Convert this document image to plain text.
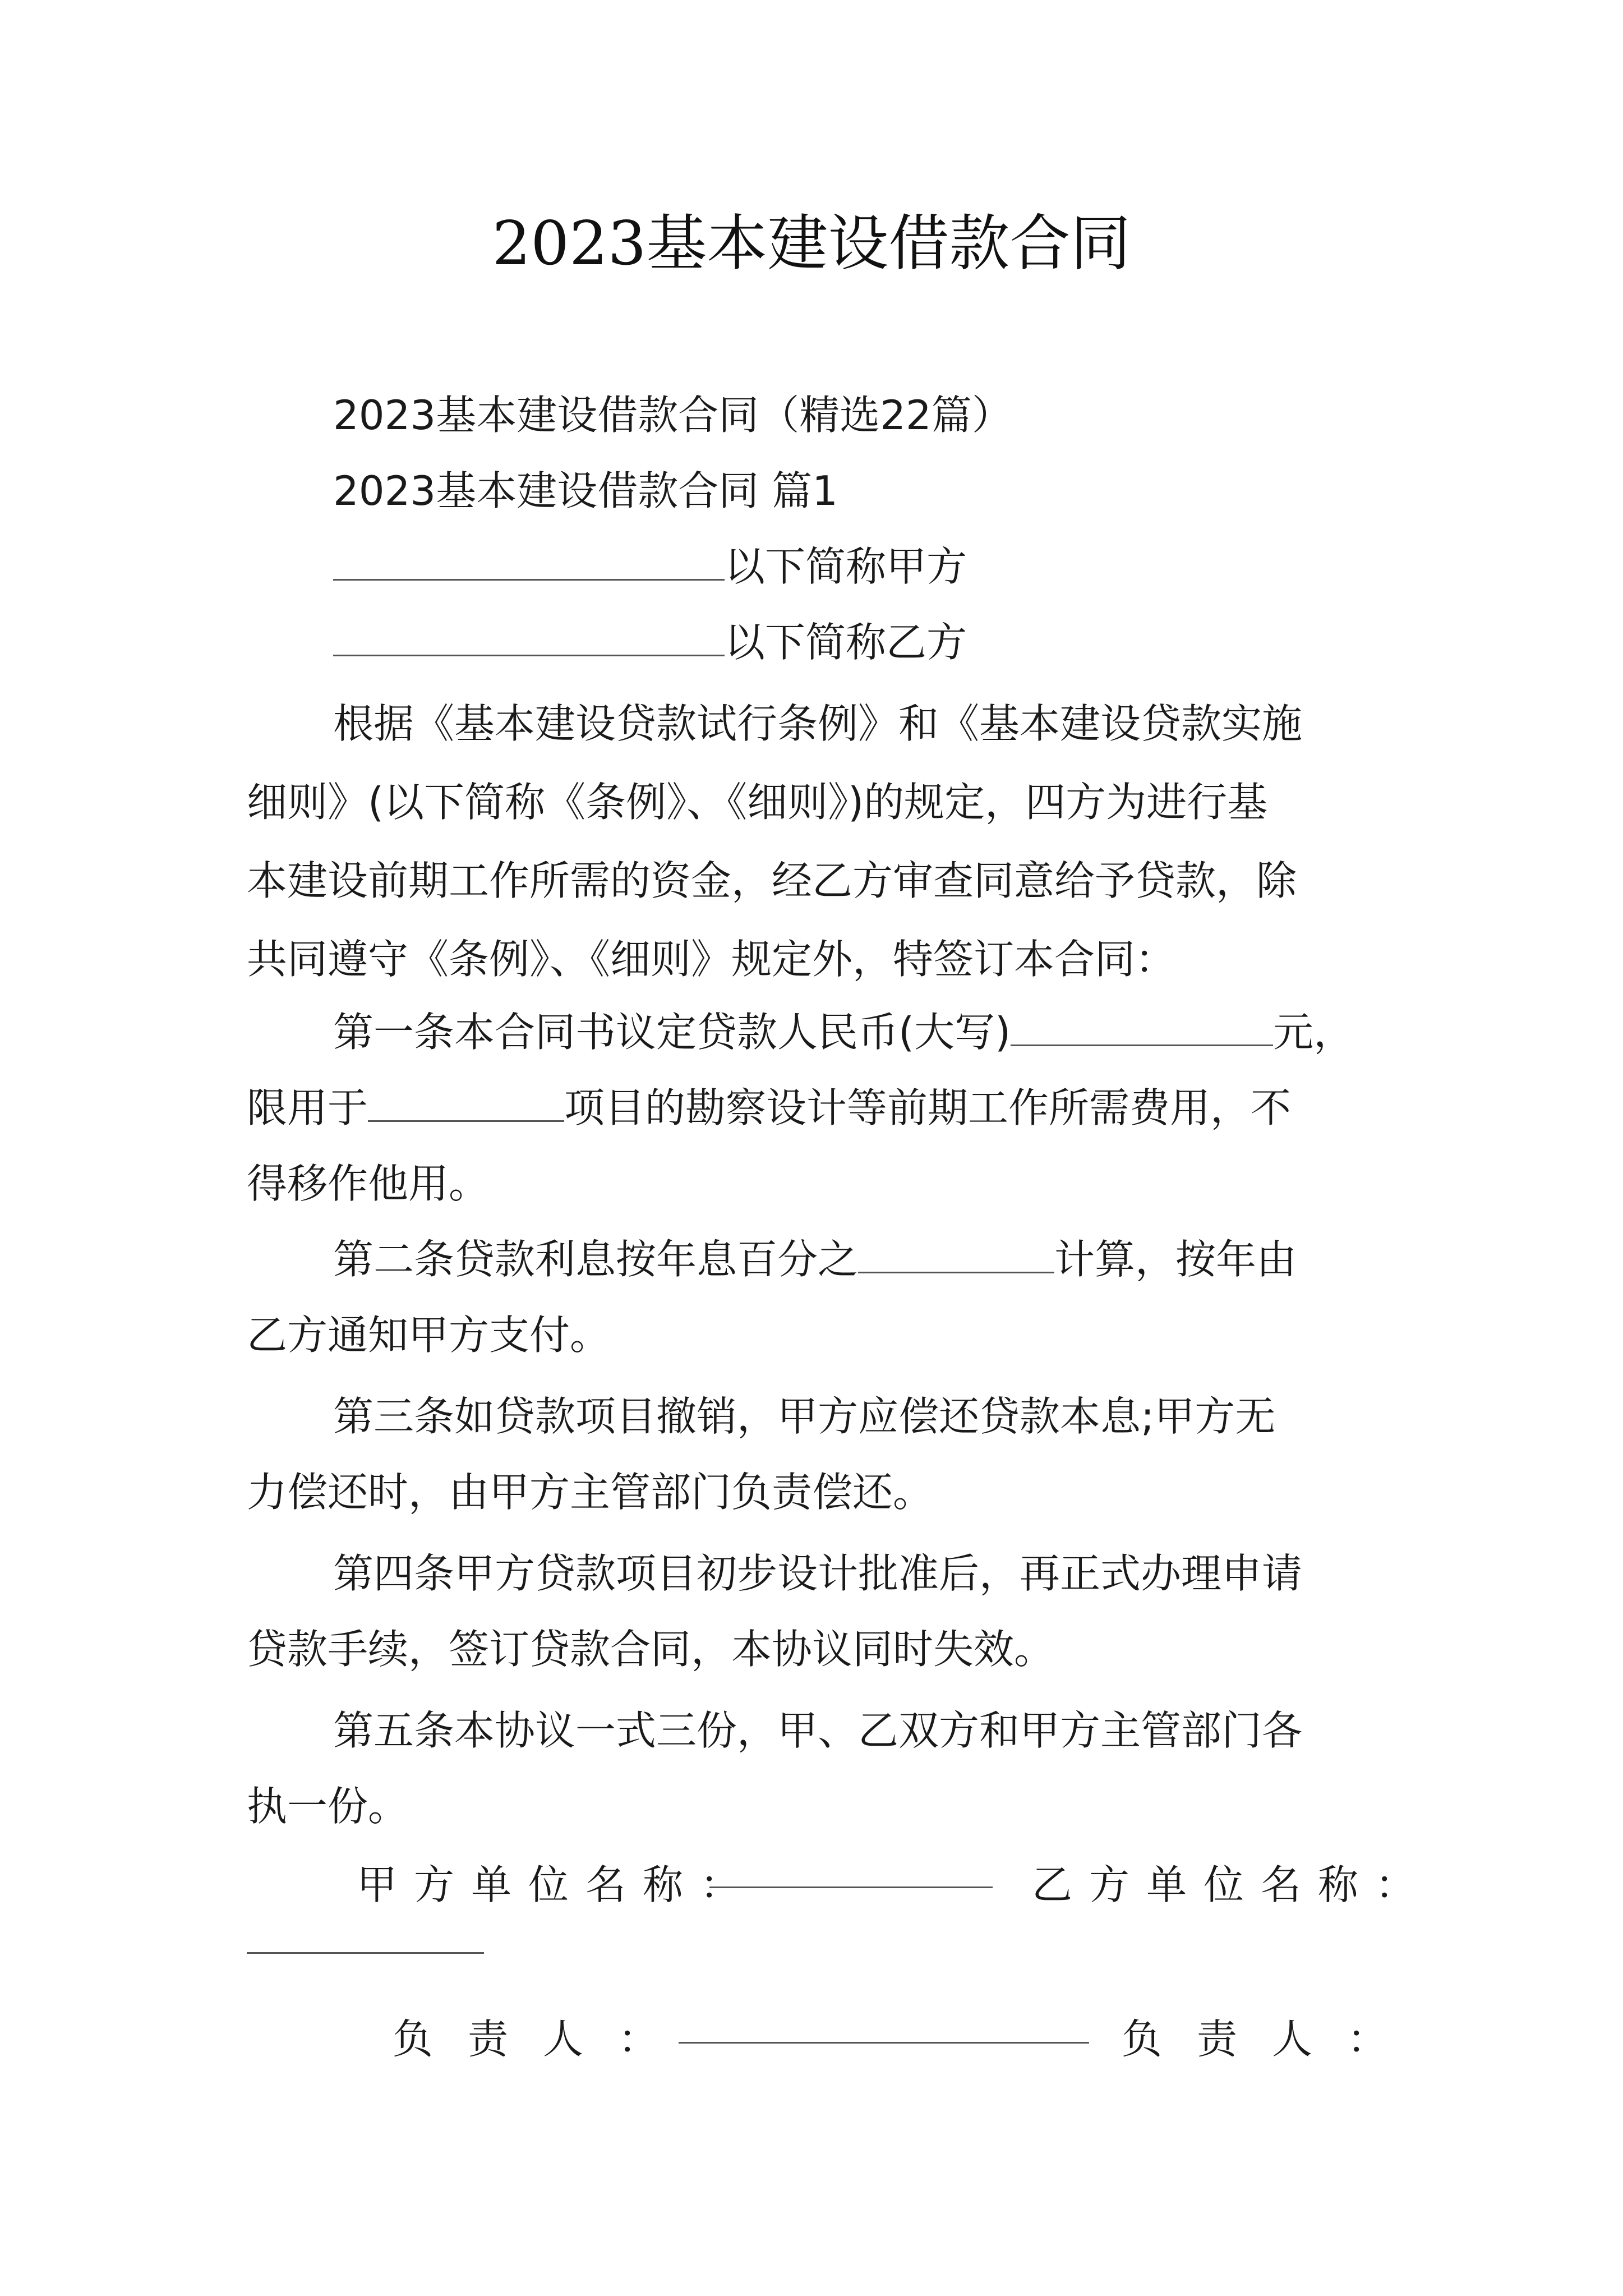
2023基本建设借款合同
2023基本建设借款合同（精选22篇）
2023基本建设借款合同 篇1
以下简称甲方
以下简称乙方
根据《基本建设贷款试行条例》和《基本建设贷款实施
细则》(以下简称《条例》、《细则》)的规定，四方为进行基
本建设前期工作所需的资金，经乙方审查同意给予贷款，除
共同遵守《条例》、《细则》规定外，特签订本合同：
第一条本合同书议定贷款人民币(大写)	元，
限用于	项目的勘察设计等前期工作所需费用，不
得移作他用。
第二条贷款利息按年息百分之	计算，按年由
乙方通知甲方支付。
第三条如贷款项目撤销，甲方应偿还贷款本息;甲方无
力偿还时，由甲方主管部门负责偿还。
第四条甲方贷款项目初步设计批准后，再正式办理申请
贷款手续，签订贷款合同，本协议同时失效。
第五条本协议一式三份，甲、乙双方和甲方主管部门各
执一份。
甲方单位名称：	乙方单位名称：
负责人：	负责人：
